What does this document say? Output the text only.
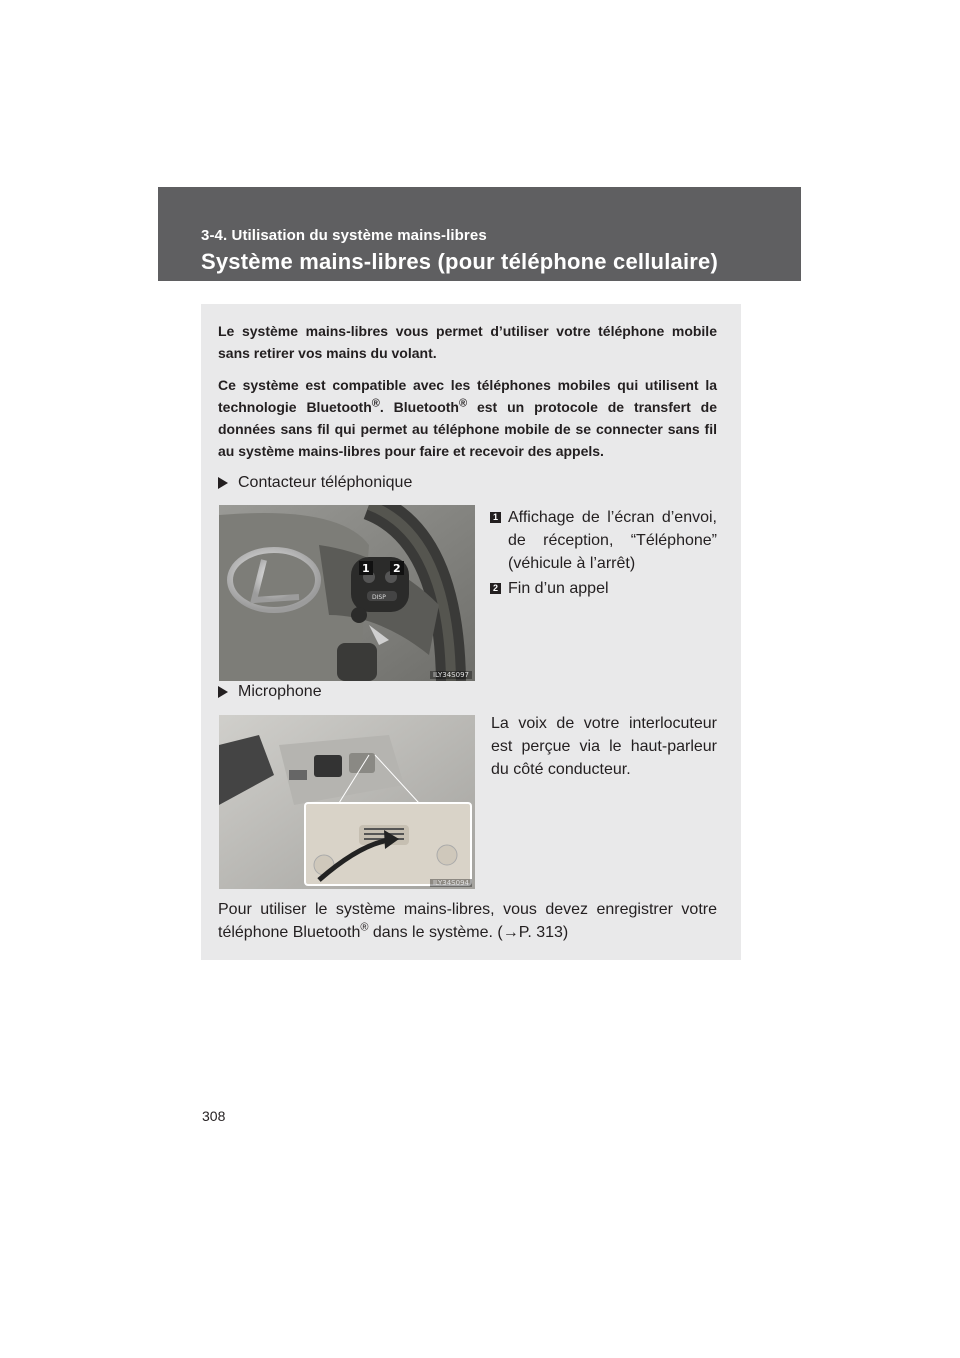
3-4. Utilisation du système mains-libres
Système mains-libres (pour téléphone cellulaire)
Le système mains-libres vous permet d’utiliser votre téléphone mobile sans retirer vos mains du volant.
Ce système est compatible avec les téléphones mobiles qui utilisent la technologie Bluetooth®. Bluetooth® est un protocole de transfert de données sans fil qui permet au téléphone mobile de se connecter sans fil au système mains-libres pour faire et recevoir des appels.
Contacteur téléphonique
DISP
1 2
ILY34S097
1 Affichage de l’écran d’envoi, de réception, “Téléphone” (véhicule à l’arrêt)
2 Fin d’un appel
Microphone
ILY34S094
La voix de votre interlocuteur est perçue via le haut-parleur du côté conducteur.
Pour utiliser le système mains-libres, vous devez enregistrer votre téléphone Bluetooth® dans le système. (→P. 313)
308
